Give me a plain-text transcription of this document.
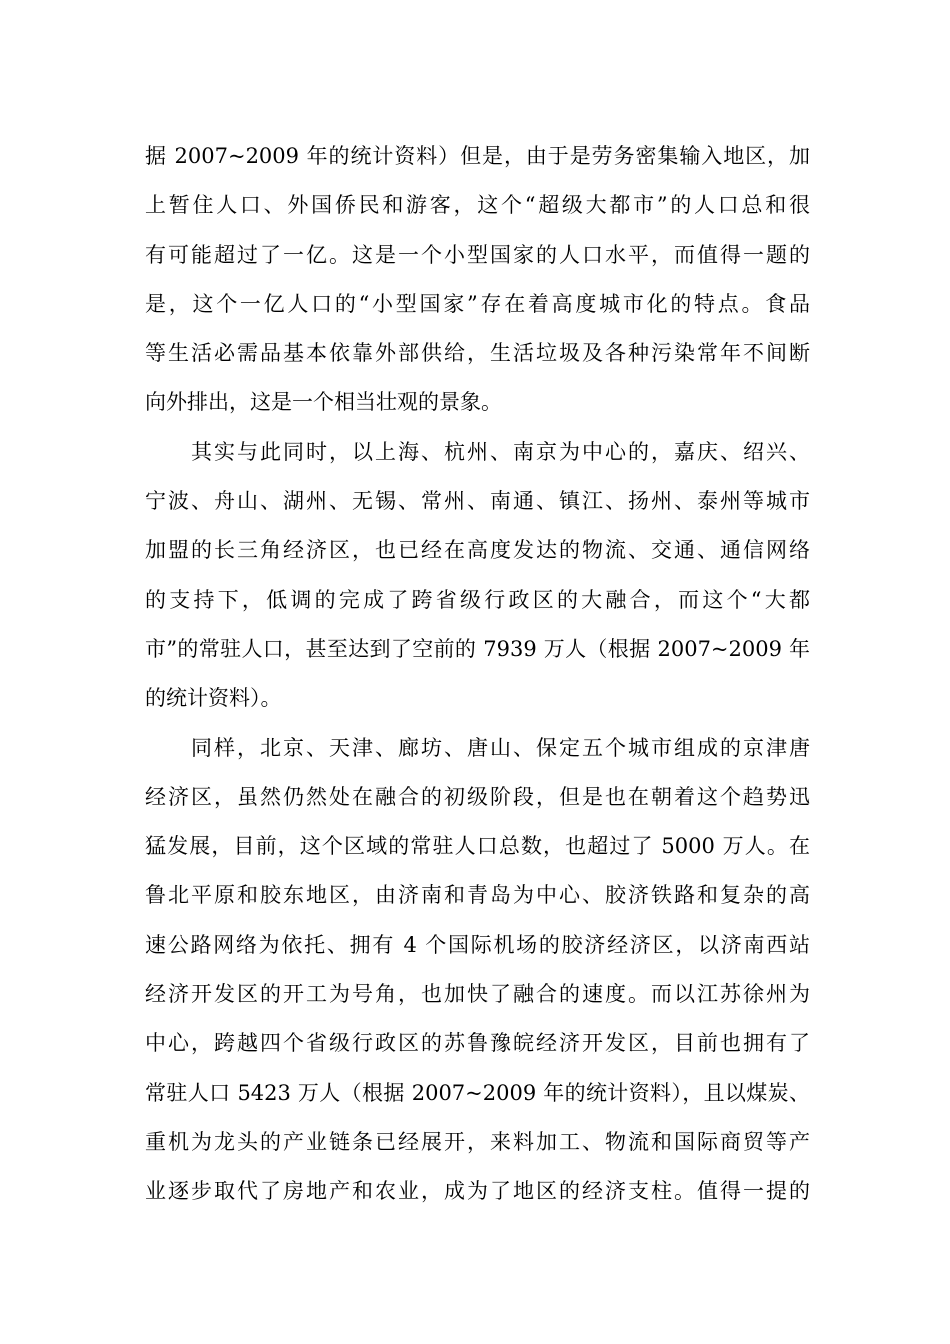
据 2007~2009 年的统计资料）但是，由于是劳务密集输入地区，加
上暂住人口、外国侨民和游客，这个“超级大都市”的人口总和很
有可能超过了一亿。这是一个小型国家的人口水平，而值得一题的
是，这个一亿人口的“小型国家”存在着高度城市化的特点。食品
等生活必需品基本依靠外部供给，生活垃圾及各种污染常年不间断
向外排出，这是一个相当壮观的景象。
　　其实与此同时，以上海、杭州、南京为中心的，嘉庆、绍兴、
宁波、舟山、湖州、无锡、常州、南通、镇江、扬州、泰州等城市
加盟的长三角经济区，也已经在高度发达的物流、交通、通信网络
的支持下，低调的完成了跨省级行政区的大融合，而这个“大都
市”的常驻人口，甚至达到了空前的 7939 万人（根据 2007~2009 年
的统计资料）。
　　同样，北京、天津、廊坊、唐山、保定五个城市组成的京津唐
经济区，虽然仍然处在融合的初级阶段，但是也在朝着这个趋势迅
猛发展，目前，这个区域的常驻人口总数，也超过了 5000 万人。在
鲁北平原和胶东地区，由济南和青岛为中心、胶济铁路和复杂的高
速公路网络为依托、拥有 4 个国际机场的胶济经济区，以济南西站
经济开发区的开工为号角，也加快了融合的速度。而以江苏徐州为
中心，跨越四个省级行政区的苏鲁豫皖经济开发区，目前也拥有了
常驻人口 5423 万人（根据 2007~2009 年的统计资料），且以煤炭、
重机为龙头的产业链条已经展开，来料加工、物流和国际商贸等产
业逐步取代了房地产和农业，成为了地区的经济支柱。值得一提的
